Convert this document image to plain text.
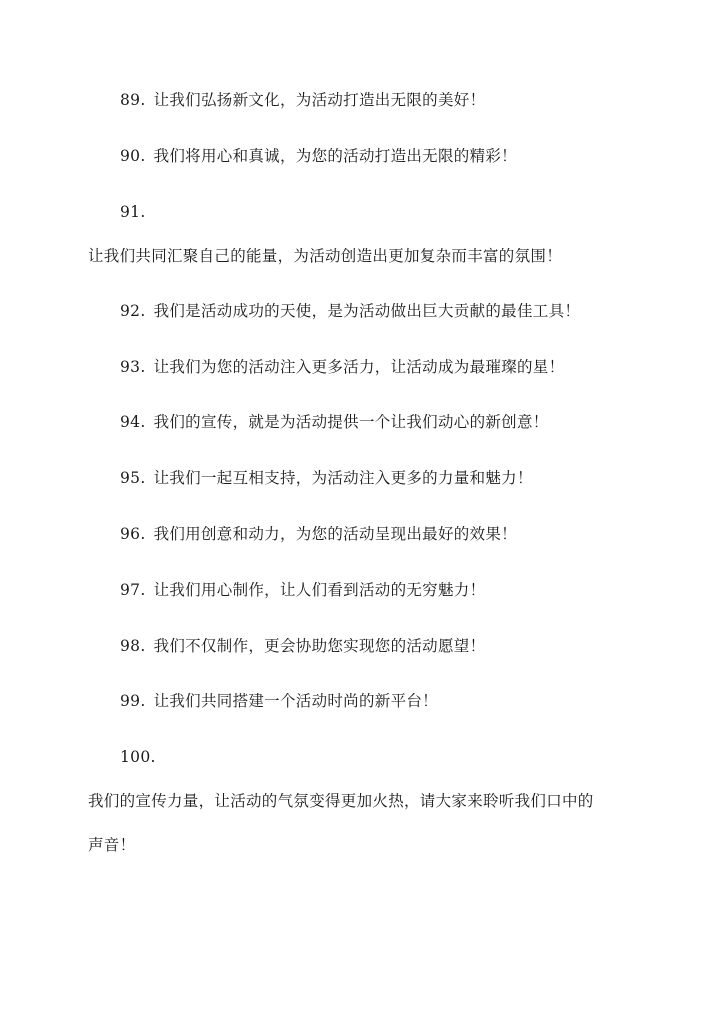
89. 让我们弘扬新文化，为活动打造出无限的美好！
90. 我们将用心和真诚，为您的活动打造出无限的精彩！
91.
让我们共同汇聚自己的能量，为活动创造出更加复杂而丰富的氛围！
92. 我们是活动成功的天使，是为活动做出巨大贡献的最佳工具！
93. 让我们为您的活动注入更多活力，让活动成为最璀璨的星！
94. 我们的宣传，就是为活动提供一个让我们动心的新创意！
95. 让我们一起互相支持，为活动注入更多的力量和魅力！
96. 我们用创意和动力，为您的活动呈现出最好的效果！
97. 让我们用心制作，让人们看到活动的无穷魅力！
98. 我们不仅制作，更会协助您实现您的活动愿望！
99. 让我们共同搭建一个活动时尚的新平台！
100.
我们的宣传力量，让活动的气氛变得更加火热，请大家来聆听我们口中的
声音！
